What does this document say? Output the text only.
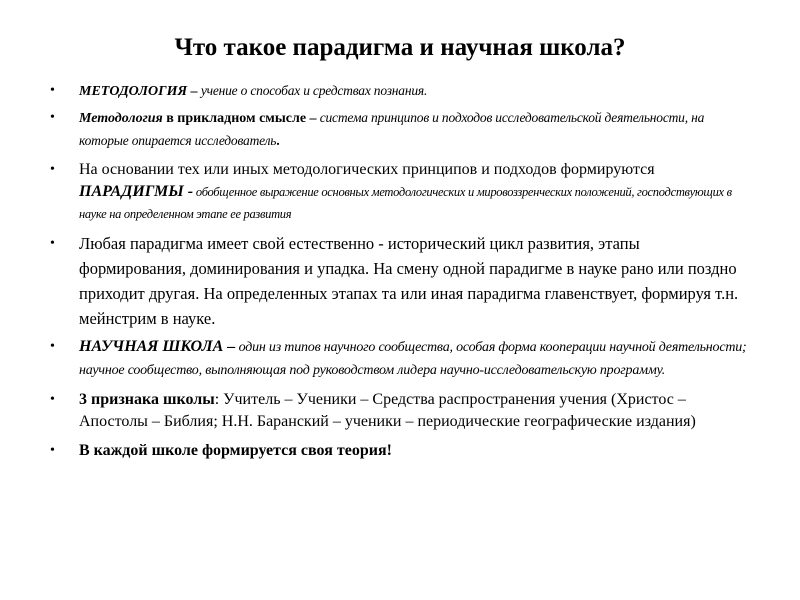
Что такое парадигма и научная школа?
• МЕТОДОЛОГИЯ – учение о способах и средствах познания.
• Методология в прикладном смысле – система принципов и подходов исследовательской деятельности, на которые опирается исследователь.
• На основании тех или иных методологических принципов и подходов формируются ПАРАДИГМЫ - обобщенное выражение основных методологических и мировоззренческих положений, господствующих в науке на определенном этапе ее развития
• Любая парадигма имеет свой естественно - исторический цикл развития, этапы формирования, доминирования и упадка. На смену одной парадигме в науке рано или поздно приходит другая. На определенных этапах та или иная парадигма главенствует, формируя т.н. мейнстрим в науке.
• НАУЧНАЯ ШКОЛА – один из типов научного сообщества, особая форма кооперации научной деятельности; научное сообщество, выполняющая под руководством лидера научно-исследовательскую программу.
• 3 признака школы: Учитель – Ученики – Средства распространения учения (Христос – Апостолы – Библия; Н.Н. Баранский – ученики – периодические географические издания)
• В каждой школе формируется своя теория!
